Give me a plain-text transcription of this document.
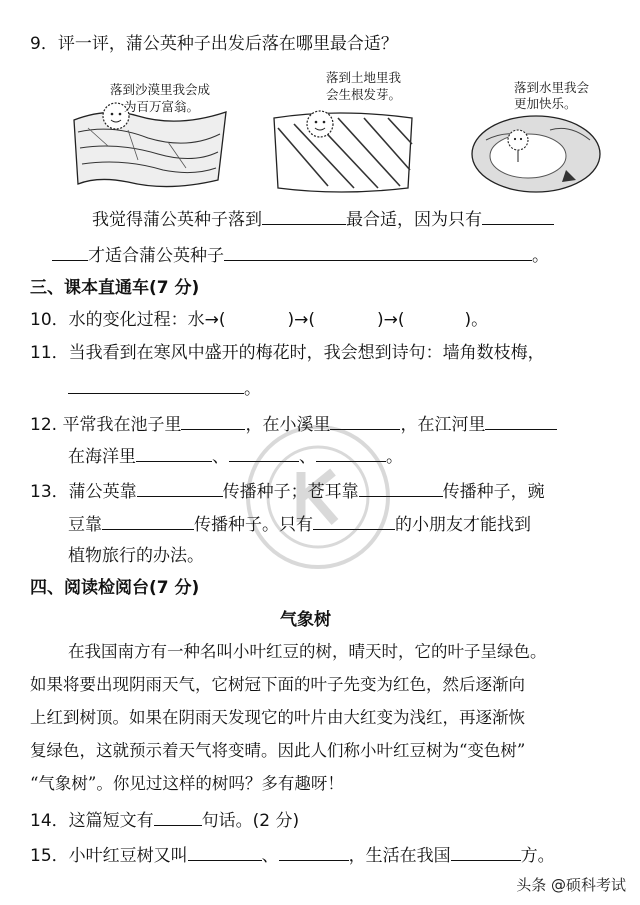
9．评一评，蒲公英种子出发后落在哪里最合适？
落到沙漠里我会成
为百万富翁。
落到土地里我
会生根发芽。	落到水里我会
更加快乐。
我觉得蒲公英种子落到	最合适，因为只有
才适合蒲公英种子	。
三、课本直通车(7 分)
10．水的变化过程：水→(	)→(	)→(	)。
11．当我看到在寒风中盛开的梅花时，我会想到诗句：墙角数枝梅，
。
12. 平常我在池子里	，在小溪里	，在江河里
在海洋里	、	、	。
13．蒲公英靠	传播种子；苍耳靠	传播种子，豌
豆靠	传播种子。只有	的小朋友才能找到
植物旅行的办法。
四、阅读检阅台(7 分)
气象树
在我国南方有一种名叫小叶红豆的树，晴天时，它的叶子呈绿色。
如果将要出现阴雨天气，它树冠下面的叶子先变为红色，然后逐渐向
上红到树顶。如果在阴雨天发现它的叶片由大红变为浅红，再逐渐恢
复绿色，这就预示着天气将变晴。因此人们称小叶红豆树为“变色树”
“气象树”。你见过这样的树吗？多有趣呀！
14．这篇短文有	句话。(2 分)
15．小叶红豆树又叫	、	，生活在我国	方。
头条 @硕科考试
